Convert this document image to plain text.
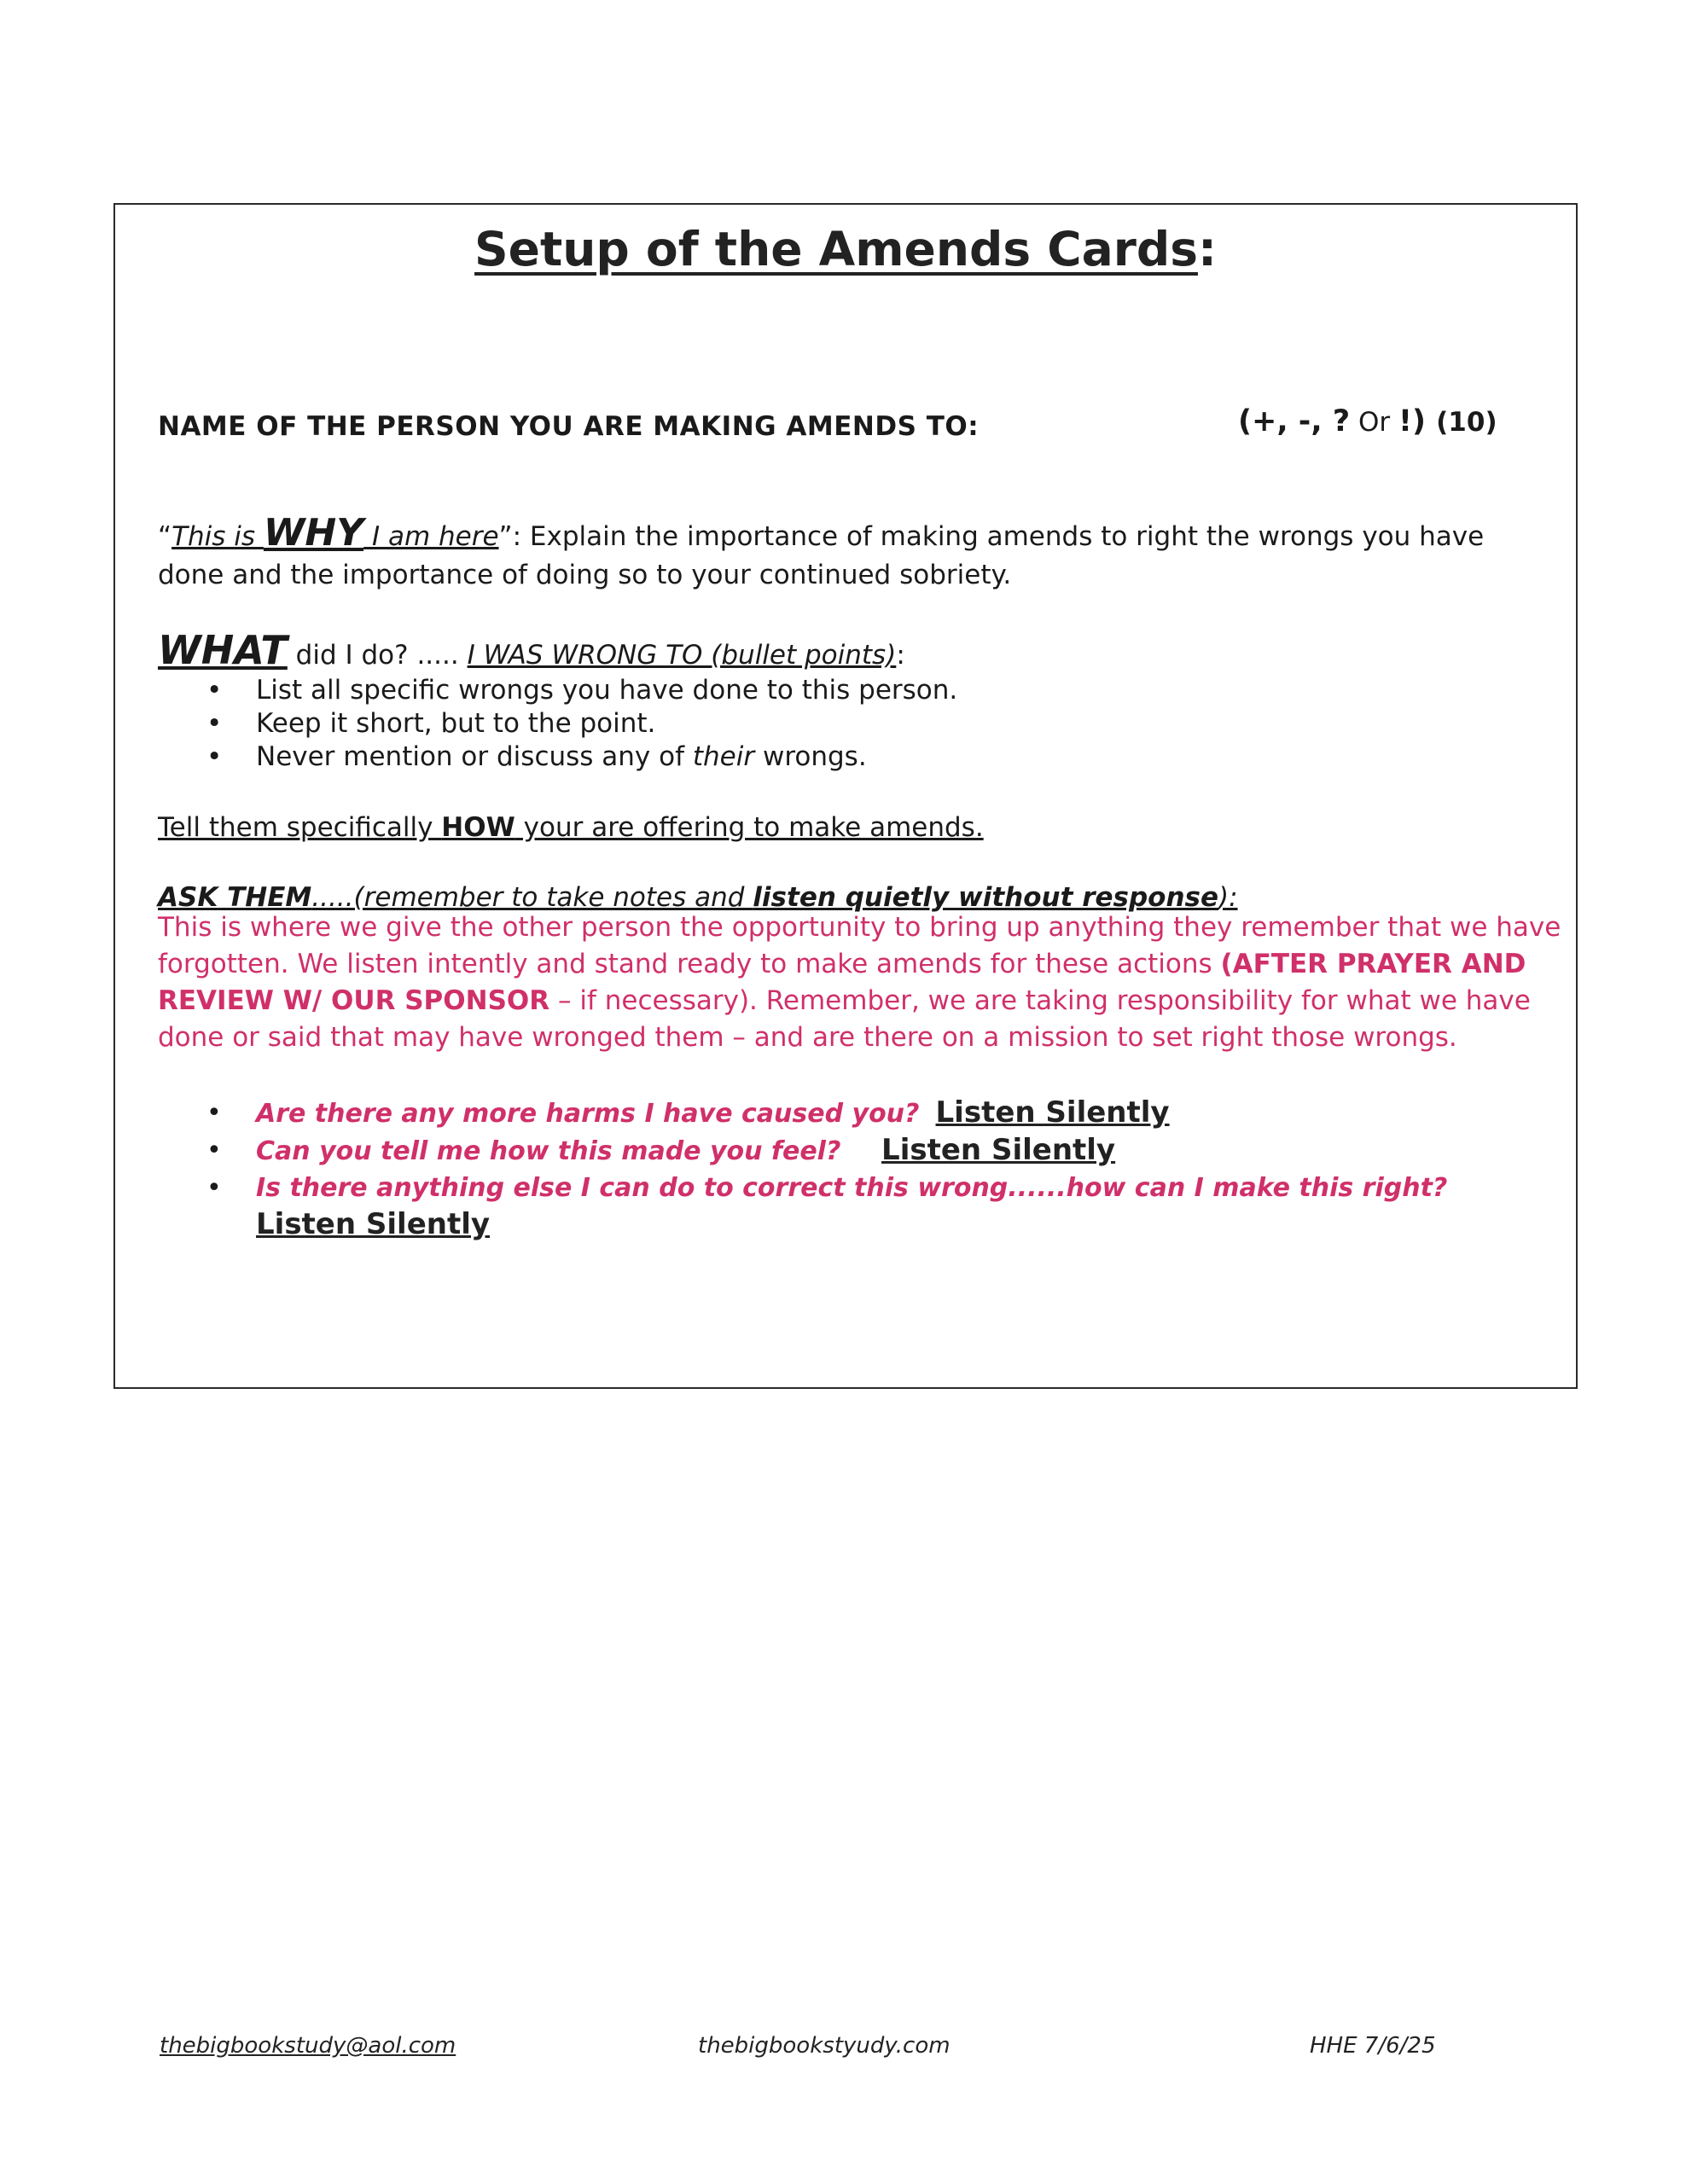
Setup of the Amends Cards:
NAME OF THE PERSON YOU ARE MAKING AMENDS TO:	(+, -, ? Or !) (10)
“This is WHY I am here”: Explain the importance of making amends to right the wrongs you have done and the importance of doing so to your continued sobriety.
WHAT did I do? ..... I WAS WRONG TO (bullet points):
• List all specific wrongs you have done to this person.
• Keep it short, but to the point.
• Never mention or discuss any of their wrongs.
Tell them specifically HOW your are offering to make amends.
ASK THEM.....(remember to take notes and listen quietly without response):
This is where we give the other person the opportunity to bring up anything they remember that we have forgotten. We listen intently and stand ready to make amends for these actions (AFTER PRAYER AND REVIEW W/ OUR SPONSOR – if necessary). Remember, we are taking responsibility for what we have done or said that may have wronged them – and are there on a mission to set right those wrongs.
• Are there any more harms I have caused you? Listen Silently
• Can you tell me how this made you feel? Listen Silently
• Is there anything else I can do to correct this wrong......how can I make this right?
Listen Silently
thebigbookstudy@aol.com	thebigbookstyudy.com	HHE 7/6/25
